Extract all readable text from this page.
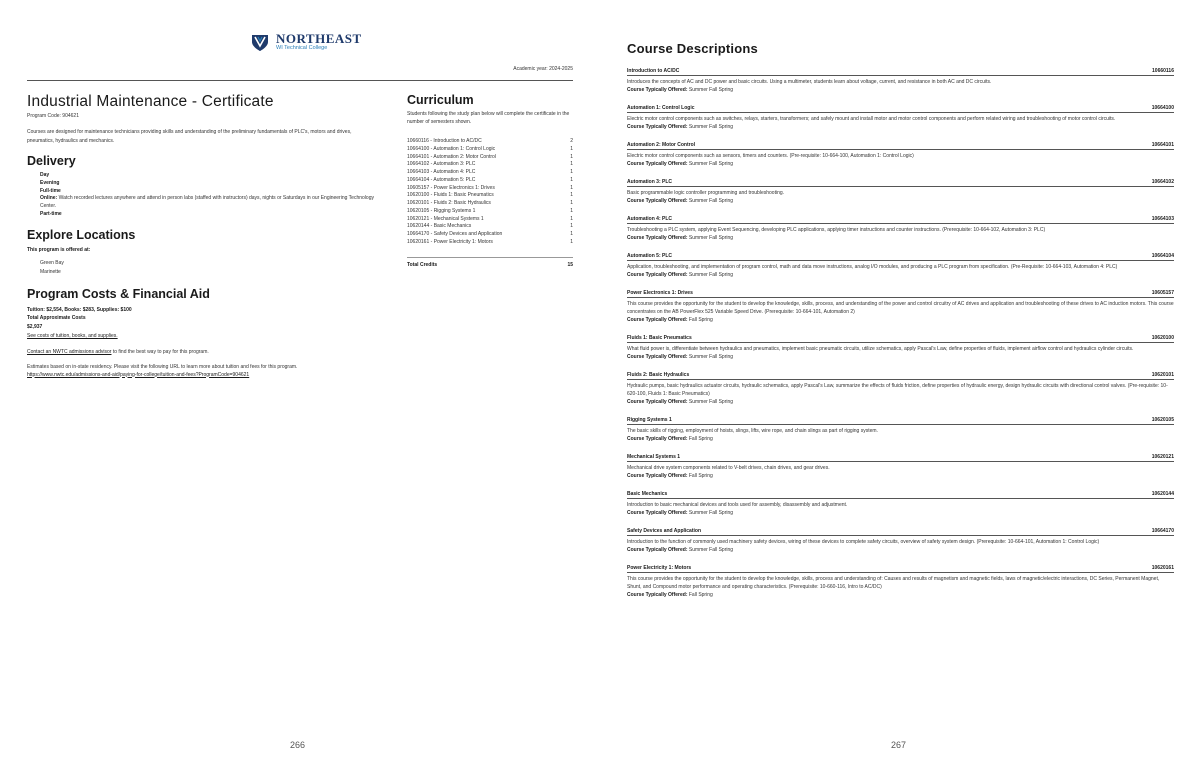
NORTHEAST
WI Technical College
Academic year: 2024-2025
Industrial Maintenance - Certificate
Program Code: 904621

Courses are designed for maintenance technicians providing skills and understanding of the preliminary fundamentals of PLC's, motors and drives, pneumatics, hydraulics and mechanics.

Delivery
Day
Evening
Full-time
Online: Watch recorded lectures anywhere and attend in person labs (staffed with instructors) days, nights or Saturdays in our Engineering Technology Center.
Part-time
Explore Locations
This program is offered at:
Green Bay
Marinette
Program Costs & Financial Aid
Tuition: $2,554, Books: $283, Supplies: $100
Total Approximate Costs
$2,937
See costs of tuition, books, and supplies.

Contact an NWTC admissions advisor to find the best way to pay for this program.

Estimates based on in-state residency. Please visit the following URL to learn more about tuition and fees for this program.
https://www.nwtc.edu/admissions-and-aid/paying-for-college/tuition-and-fees?ProgramCode=904621

Curriculum

Students following the study plan below will complete the certificate in the number of semesters shown.

10660116 - Introduction to AC/DC	2
10664100 - Automation 1: Control Logic	1
10664101 - Automation 2: Motor Control	1
10664102 - Automation 3: PLC	1
10664103 - Automation 4: PLC	1
10664104 - Automation 5: PLC	1
10605157 - Power Electronics 1: Drives	1
10620100 - Fluids 1: Basic Pneumatics	1
10620101 - Fluids 2: Basic Hydraulics	1
10620105 - Rigging Systems 1	1
10620121 - Mechanical Systems 1	1
10620144 - Basic Mechanics	1
10664170 - Safety Devices and Application	1
10620161 - Power Electricity 1: Motors	1
Total Credits	15
266
Course Descriptions
Introduction to AC/DC	10660116
Introduces the concepts of AC and DC power and basic circuits. Using a multimeter, students learn about voltage, current, and resistance in both AC and DC circuits.
Course Typically Offered: Summer Fall Spring
Automation 1: Control Logic	10664100
Electric motor control components such as switches, relays, starters, transformers; and safely mount and install motor and motor control components and perform related wiring and troubleshooting of motor control circuits.
Course Typically Offered: Summer Fall Spring
Automation 2: Motor Control	10664101
Electric motor control components such as sensors, timers and counters. (Pre-requisite: 10-664-100, Automation 1: Control Logic)
Course Typically Offered: Summer Fall Spring
Automation 3: PLC	10664102
Basic programmable logic controller programming and troubleshooting.
Course Typically Offered: Summer Fall Spring
Automation 4: PLC	10664103
Troubleshooting a PLC system, applying Event Sequencing, developing PLC applications, applying timer instructions and counter instructions. (Prerequisite: 10-664-102, Automation 3: PLC)
Course Typically Offered: Summer Fall Spring
Automation 5: PLC	10664104
Application, troubleshooting, and implementation of program control, math and data move instructions, analog I/O modules, and producing a PLC program from specification. (Pre-Requisite: 10-664-103, Automation 4: PLC)
Course Typically Offered: Summer Fall Spring
Power Electronics 1: Drives	10605157
This course provides the opportunity for the student to develop the knowledge, skills, process, and understanding of the power and control circuitry of AC drives and application and troubleshooting of these drives to AC induction motors. This course concentrates on the AB PowerFlex 525 Variable Speed Drive. (Prerequisite: 10-664-101, Automation 2)
Course Typically Offered: Fall Spring
Fluids 1: Basic Pneumatics	10620100
What fluid power is, differentiate between hydraulics and pneumatics, implement basic pneumatic circuits, utilize schematics, apply Pascal's Law, define properties of fluids, implement airflow control and hydraulics cylinder circuits.
Course Typically Offered: Summer Fall Spring
Fluids 2: Basic Hydraulics	10620101
Hydraulic pumps, basic hydraulics actuator circuits, hydraulic schematics, apply Pascal's Law, summarize the effects of fluids friction, define properties of hydraulic energy, design hydraulic circuits with directional control valves. (Pre-requisite: 10-620-100, Fluids 1: Basic Pneumatics)
Course Typically Offered: Summer Fall Spring
Rigging Systems 1	10620105
The basic skills of rigging, employment of hoists, slings, lifts, wire rope, and chain slings as part of rigging system.
Course Typically Offered: Fall Spring
Mechanical Systems 1	10620121
Mechanical drive system components related to V-belt drives, chain drives, and gear drives.
Course Typically Offered: Fall Spring
Basic Mechanics	10620144
Introduction to basic mechanical devices and tools used for assembly, disassembly and adjustment.
Course Typically Offered: Summer Fall Spring
Safety Devices and Application	10664170
Introduction to the function of commonly used machinery safety devices, wiring of these devices to complete safety circuits, overview of safety system design. (Prerequisite: 10-664-101, Automation 1: Control Logic)
Course Typically Offered: Summer Fall Spring
Power Electricity 1: Motors	10620161
This course provides the opportunity for the student to develop the knowledge, skills, process and understanding of: Causes and results of magnetism and magnetic fields, laws of magnetic/electric interactions, DC Series, Permanent Magnet, Shunt, and Compound motor performance and operating characteristics. (Prerequisite: 10-660-116, Intro to AC/DC)
Course Typically Offered: Fall Spring
267
